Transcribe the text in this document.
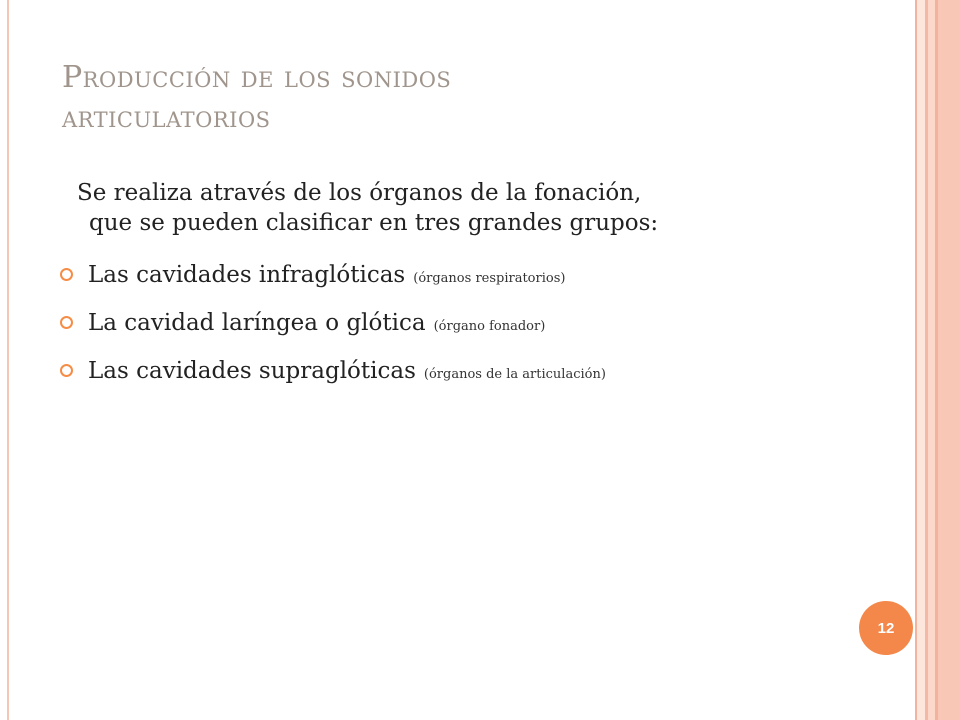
Producción de los sonidos
articulatorios
Se realiza através de los órganos de la fonación,
que se pueden clasificar en tres grandes grupos:
Las cavidades infraglóticas (órganos respiratorios)
La cavidad laríngea o glótica (órgano fonador)
Las cavidades supraglóticas (órganos de la articulación)
12
